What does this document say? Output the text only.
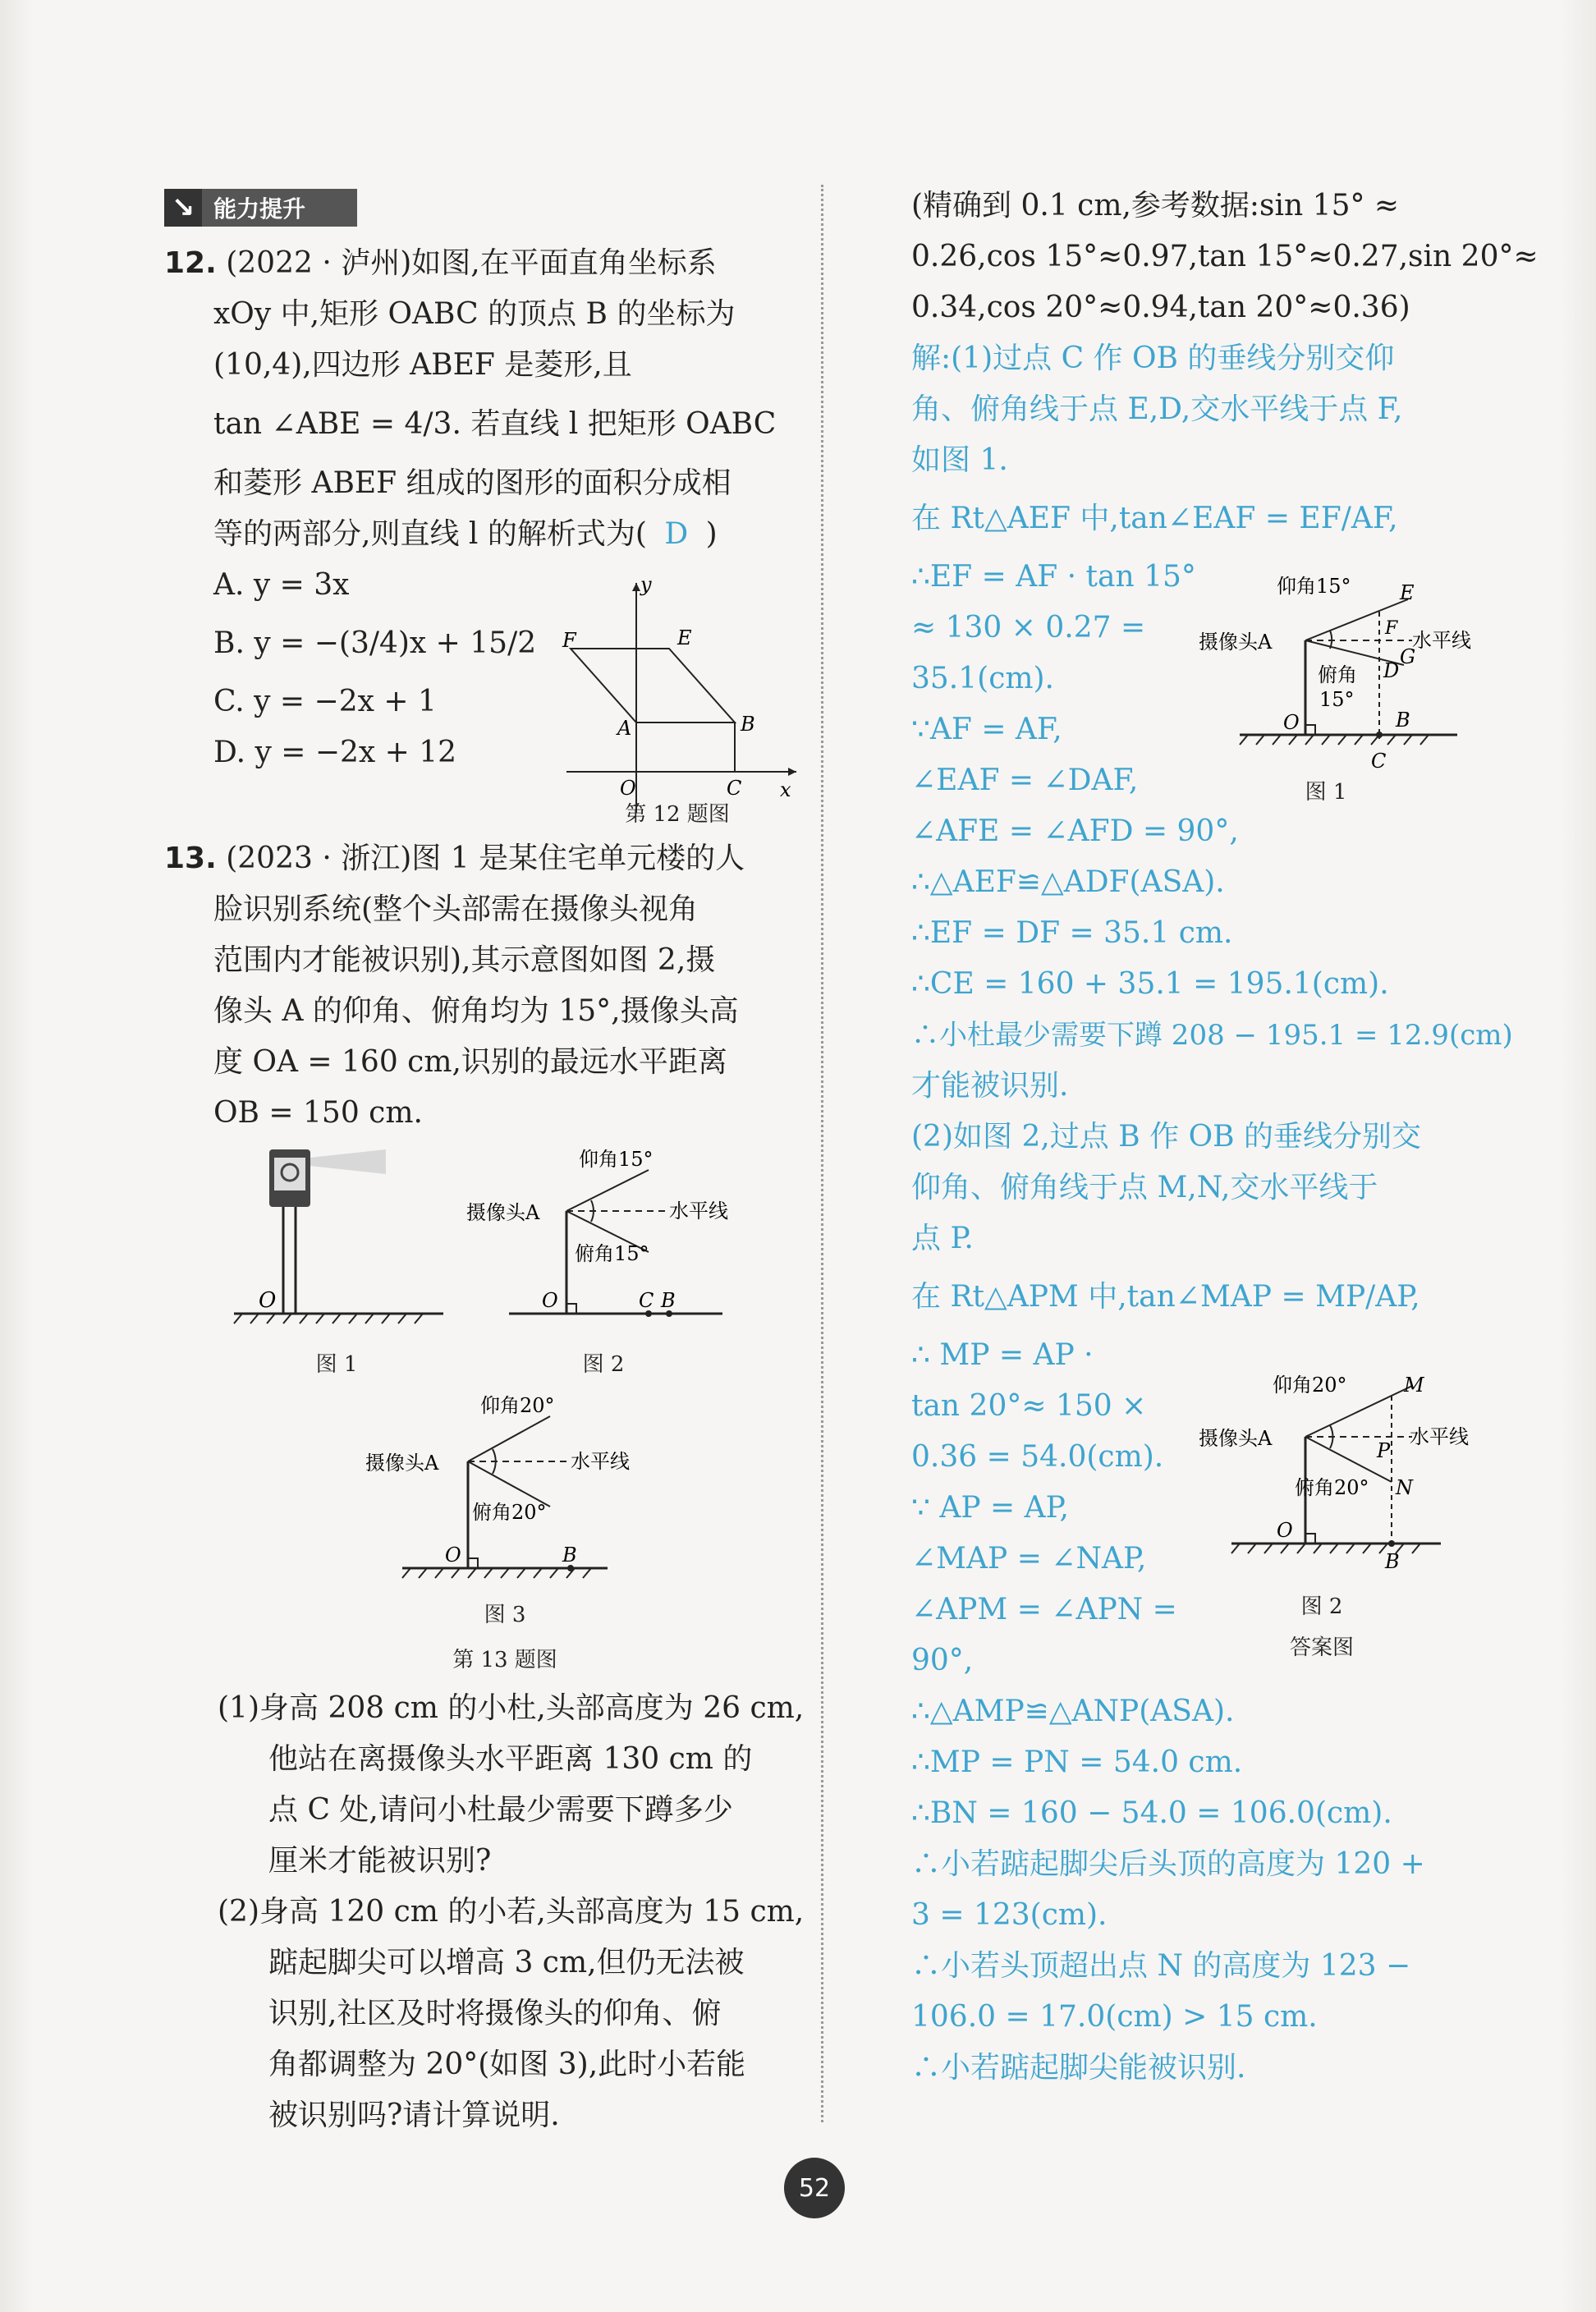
↘ 能力提升
12. (2022 · 泸州)如图,在平面直角坐标系
xOy 中,矩形 OABC 的顶点 B 的坐标为
(10,4),四边形 ABEF 是菱形,且
tan ∠ABE = 4/3. 若直线 l 把矩形 OABC
和菱形 ABEF 组成的图形的面积分成相
等的两部分,则直线 l 的解析式为( D )
A. y = 3x
B. y = −(3/4)x + 15/2
C. y = −2x + 1
D. y = −2x + 12
y
x
F	E
A	B
O	C
第 12 题图
13. (2023 · 浙江)图 1 是某住宅单元楼的人
脸识别系统(整个头部需在摄像头视角
范围内才能被识别),其示意图如图 2,摄
像头 A 的仰角、俯角均为 15°,摄像头高
度 OA = 160 cm,识别的最远水平距离
OB = 150 cm.
O
图 1
仰角15°
摄像头A	水平线
俯角15°
O	C B
图 2
仰角20°
摄像头A	水平线
俯角20°
O	B
图 3
第 13 题图
(1)身高 208 cm 的小杜,头部高度为 26 cm,
他站在离摄像头水平距离 130 cm 的
点 C 处,请问小杜最少需要下蹲多少
厘米才能被识别?
(2)身高 120 cm 的小若,头部高度为 15 cm,
踮起脚尖可以增高 3 cm,但仍无法被
识别,社区及时将摄像头的仰角、俯
角都调整为 20°(如图 3),此时小若能
被识别吗?请计算说明.
(精确到 0.1 cm,参考数据:sin 15° ≈
0.26,cos 15°≈0.97,tan 15°≈0.27,sin 20°≈
0.34,cos 20°≈0.94,tan 20°≈0.36)
解:(1)过点 C 作 OB 的垂线分别交仰
角、俯角线于点 E,D,交水平线于点 F,
如图 1.
在 Rt△AEF 中,tan∠EAF = EF/AF,
∴EF = AF · tan 15°
≈ 130 × 0.27 =
35.1(cm).
∵AF = AF,
∠EAF = ∠DAF,
∠AFE = ∠AFD = 90°,
∴△AEF≌△ADF(ASA).
∴EF = DF = 35.1 cm.
∴CE = 160 + 35.1 = 195.1(cm).
∴小杜最少需要下蹲 208 − 195.1 = 12.9(cm)
才能被识别.
(2)如图 2,过点 B 作 OB 的垂线分别交
仰角、俯角线于点 M,N,交水平线于
点 P.
在 Rt△APM 中,tan∠MAP = MP/AP,
∴ MP = AP ·
tan 20°≈ 150 ×
0.36 = 54.0(cm).
∵ AP = AP,
∠MAP = ∠NAP,
∠APM = ∠APN =
90°,
∴△AMP≌△ANP(ASA).
∴MP = PN = 54.0 cm.
∴BN = 160 − 54.0 = 106.0(cm).
∴小若踮起脚尖后头顶的高度为 120 +
3 = 123(cm).
∴小若头顶超出点 N 的高度为 123 −
106.0 = 17.0(cm) > 15 cm.
∴小若踮起脚尖能被识别.
仰角15°
摄像头A	水平线
俯角
15°
E
F
G
D
O	B
C
图 1
仰角20°
摄像头A	水平线
俯角20°
M
P
N
O
B
图 2
答案图
52
